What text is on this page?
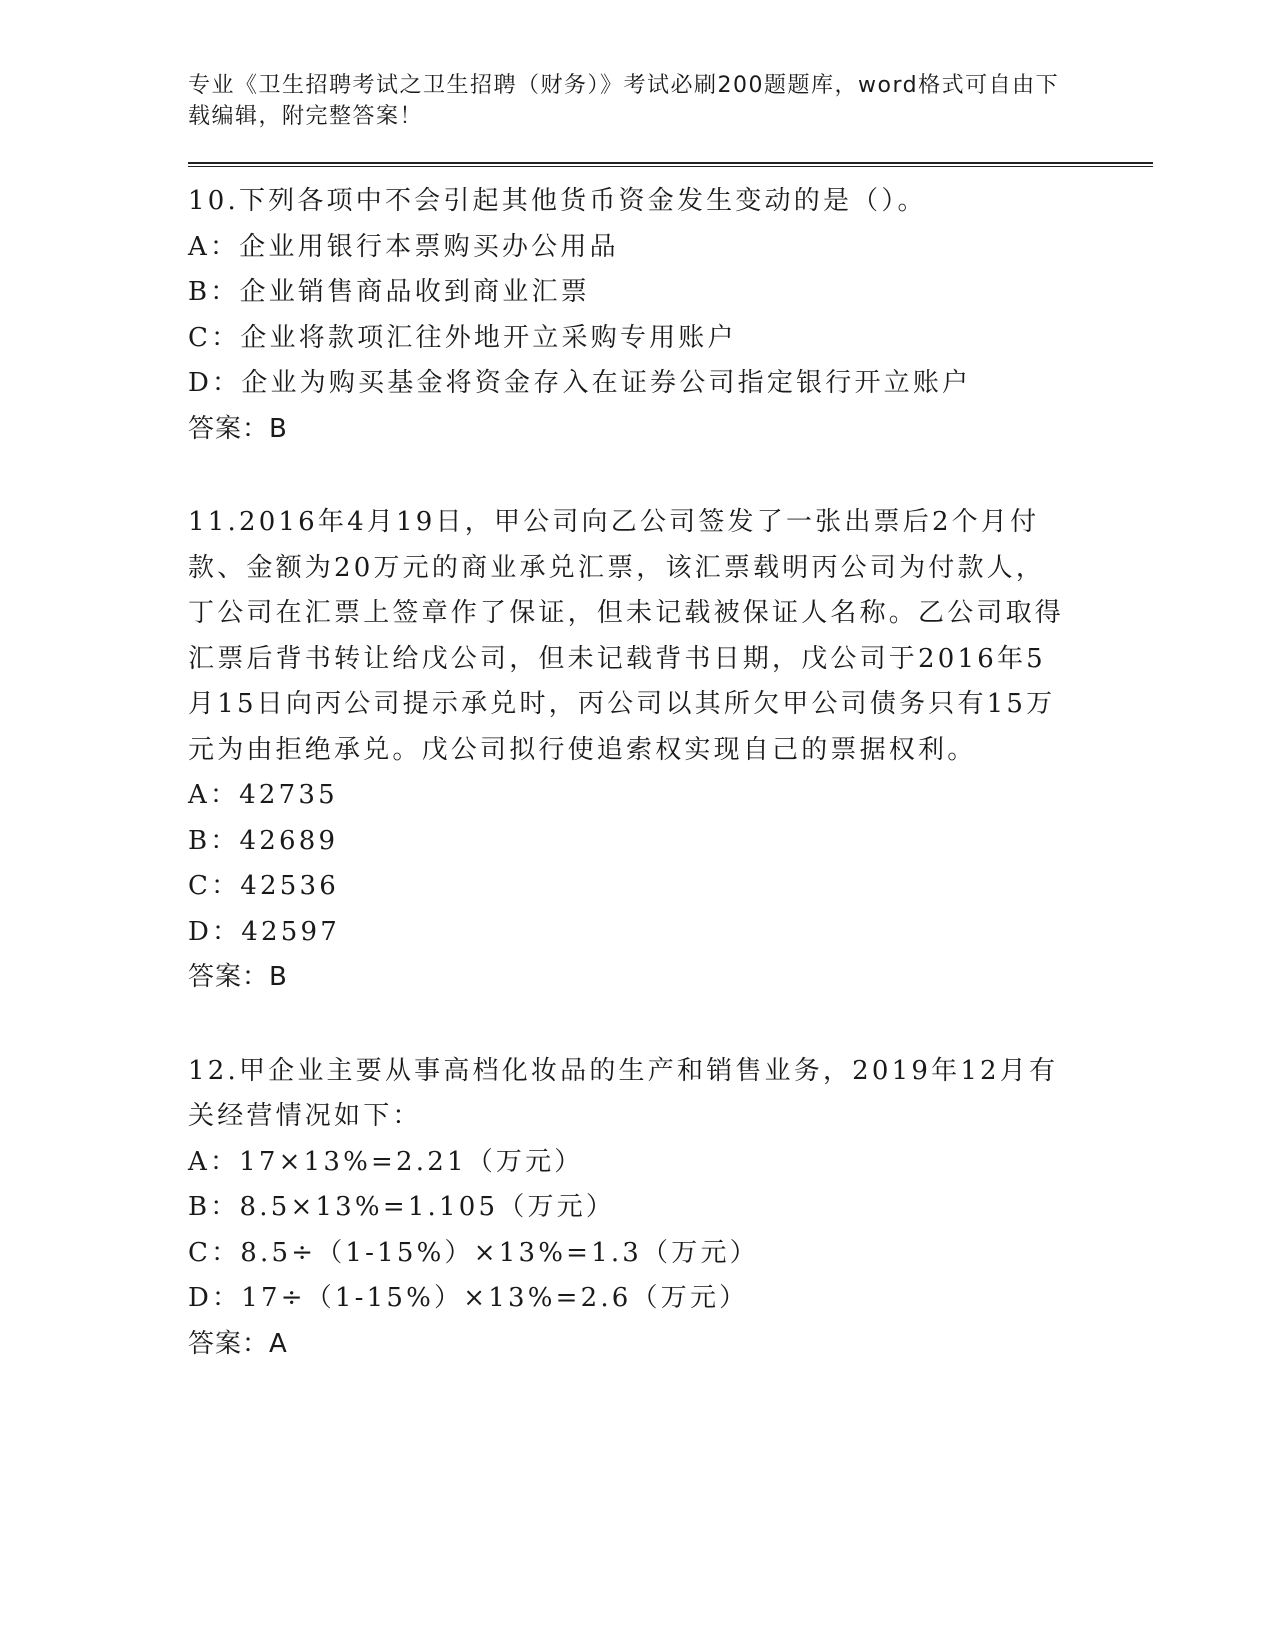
专业《卫生招聘考试之卫生招聘（财务）》考试必刷200题题库，word格式可自由下载编辑，附完整答案！

10.下列各项中不会引起其他货币资金发生变动的是（）。

A：企业用银行本票购买办公用品

B：企业销售商品收到商业汇票

C：企业将款项汇往外地开立采购专用账户

D：企业为购买基金将资金存入在证券公司指定银行开立账户

答案：B

11.2016年4月19日，甲公司向乙公司签发了一张出票后2个月付款、金额为20万元的商业承兑汇票，该汇票载明丙公司为付款人，丁公司在汇票上签章作了保证，但未记载被保证人名称。乙公司取得汇票后背书转让给戊公司，但未记载背书日期，戊公司于2016年5月15日向丙公司提示承兑时，丙公司以其所欠甲公司债务只有15万元为由拒绝承兑。戊公司拟行使追索权实现自己的票据权利。

A：42735

B：42689

C：42536

D：42597

答案：B

12.甲企业主要从事高档化妆品的生产和销售业务，2019年12月有关经营情况如下：

A：17×13%=2.21（万元）

B：8.5×13%=1.105（万元）

C：8.5÷（1-15%）×13%=1.3（万元）

D：17÷（1-15%）×13%=2.6（万元）

答案：A
